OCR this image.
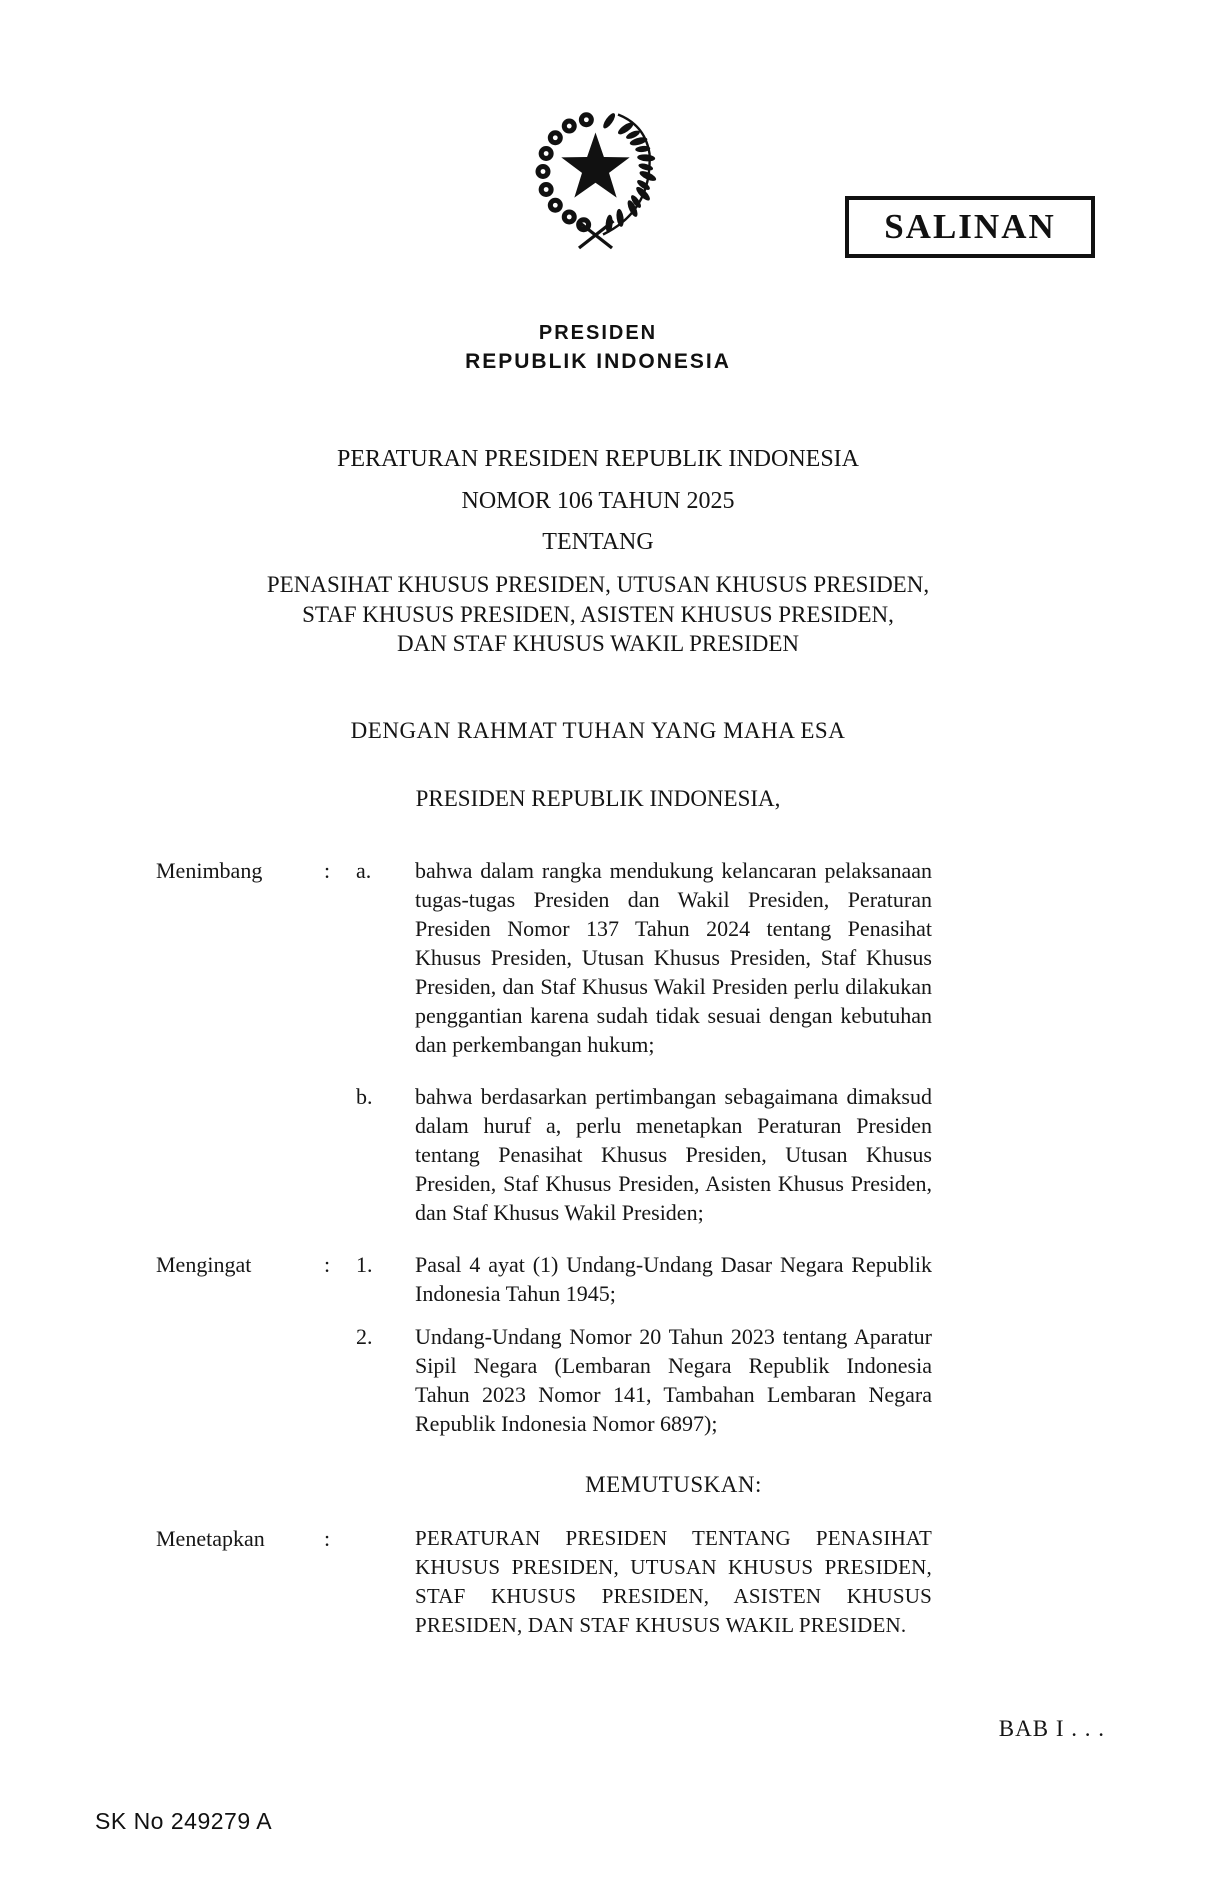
PRESIDEN
REPUBLIK INDONESIA
SALINAN
PERATURAN PRESIDEN REPUBLIK INDONESIA
NOMOR 106 TAHUN 2025
TENTANG
PENASIHAT KHUSUS PRESIDEN, UTUSAN KHUSUS PRESIDEN,
STAF KHUSUS PRESIDEN, ASISTEN KHUSUS PRESIDEN,
DAN STAF KHUSUS WAKIL PRESIDEN
DENGAN RAHMAT TUHAN YANG MAHA ESA
PRESIDEN REPUBLIK INDONESIA,
Menimbang	: a. bahwa dalam rangka mendukung kelancaran pelaksanaan tugas-tugas Presiden dan Wakil Presiden, Peraturan Presiden Nomor 137 Tahun 2024 tentang Penasihat Khusus Presiden, Utusan Khusus Presiden, Staf Khusus Presiden, dan Staf Khusus Wakil Presiden perlu dilakukan penggantian karena sudah tidak sesuai dengan kebutuhan dan perkembangan hukum;
b. bahwa berdasarkan pertimbangan sebagaimana dimaksud dalam huruf a, perlu menetapkan Peraturan Presiden tentang Penasihat Khusus Presiden, Utusan Khusus Presiden, Staf Khusus Presiden, Asisten Khusus Presiden, dan Staf Khusus Wakil Presiden;
Mengingat	: 1. Pasal 4 ayat (1) Undang-Undang Dasar Negara Republik Indonesia Tahun 1945;
2. Undang-Undang Nomor 20 Tahun 2023 tentang Aparatur Sipil Negara (Lembaran Negara Republik Indonesia Tahun 2023 Nomor 141, Tambahan Lembaran Negara Republik Indonesia Nomor 6897);
MEMUTUSKAN:
Menetapkan	:	PERATURAN PRESIDEN TENTANG PENASIHAT KHUSUS PRESIDEN, UTUSAN KHUSUS PRESIDEN, STAF KHUSUS PRESIDEN, ASISTEN KHUSUS PRESIDEN, DAN STAF KHUSUS WAKIL PRESIDEN.
BAB I . . .
SK No 249279 A
